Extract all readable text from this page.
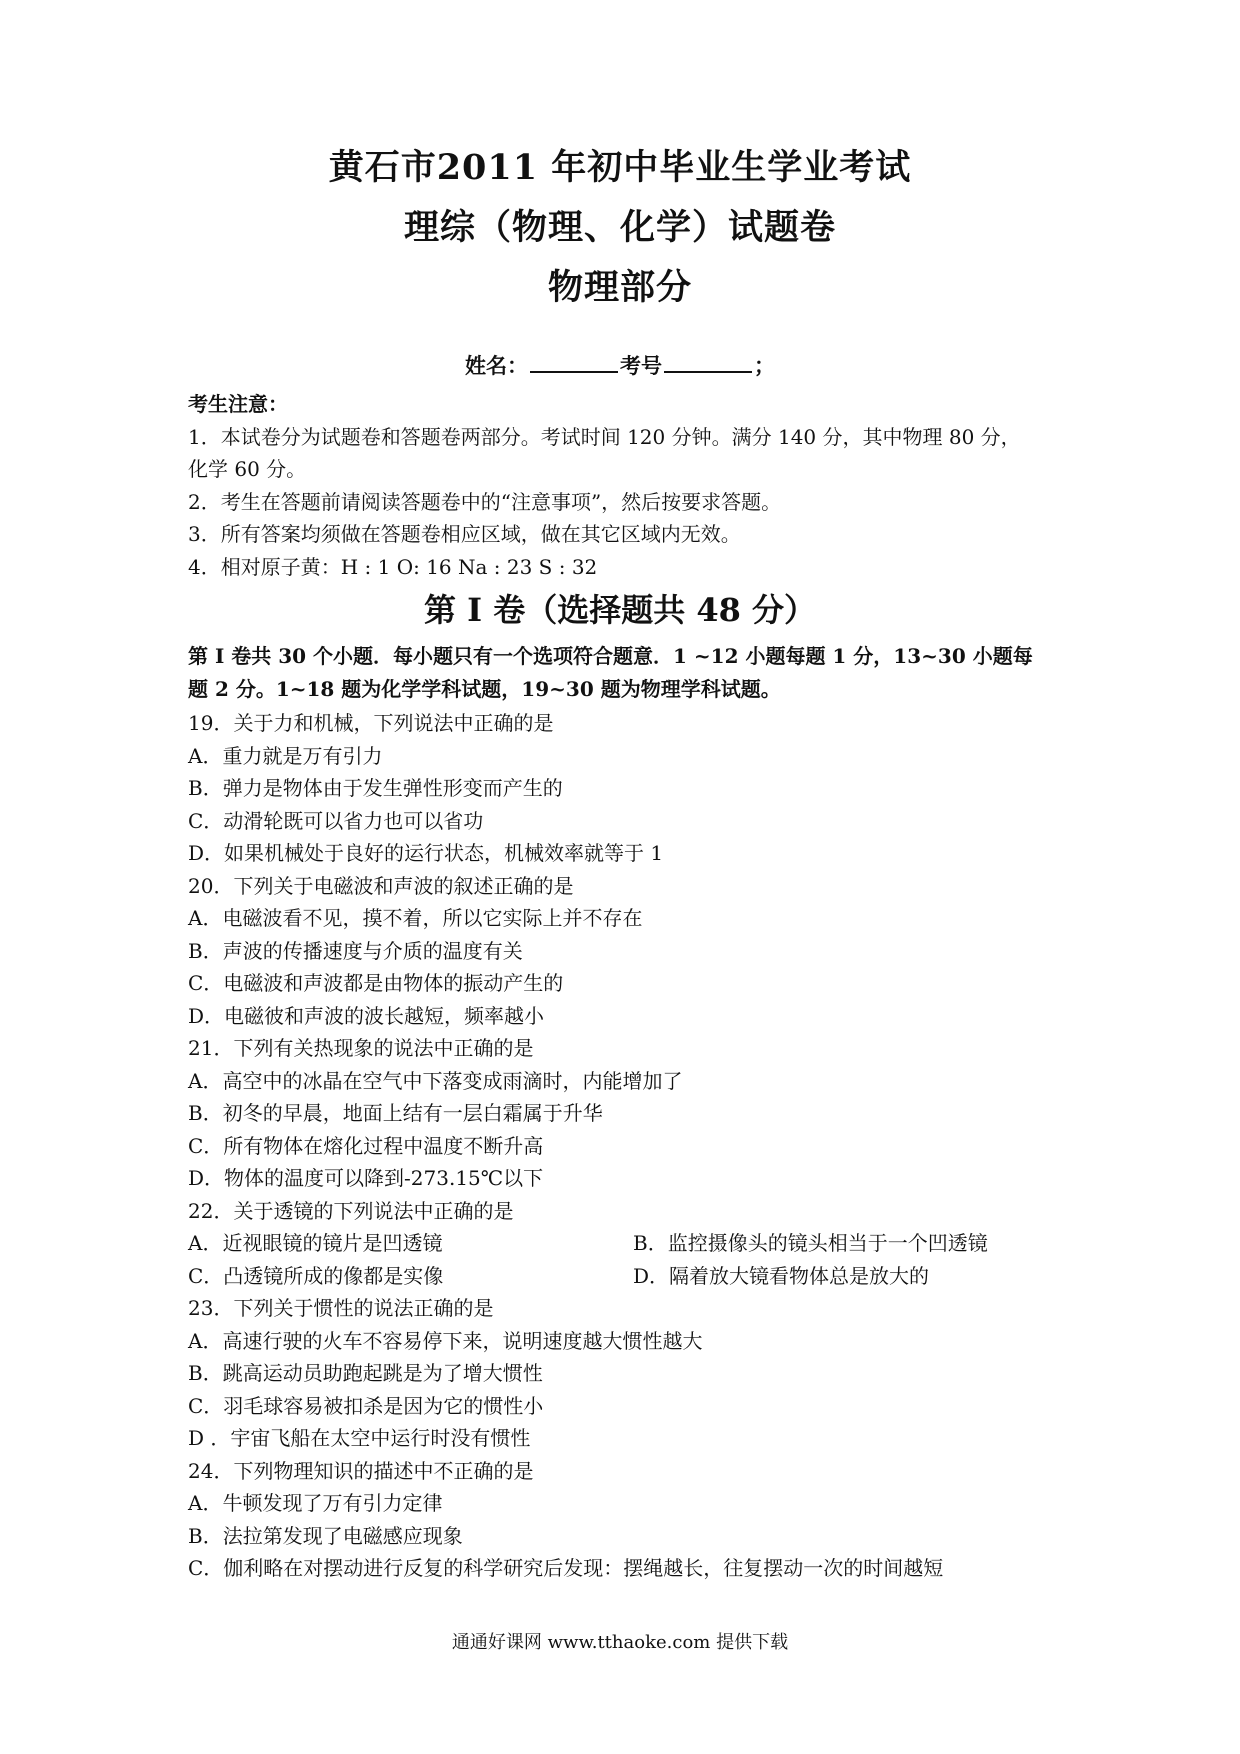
黄石市2011 年初中毕业生学业考试
理综（物理、化学）试题卷
物理部分
姓名：	考号	；
考生注意：
1．本试卷分为试题卷和答题卷两部分。考试时间 120 分钟。满分 140 分，其中物理 80 分，
化学 60 分。
2．考生在答题前请阅读答题卷中的“注意事项”，然后按要求答题。
3．所有答案均须做在答题卷相应区域，做在其它区域内无效。
4．相对原子黄：H : 1 O: 16 Na : 23 S : 32
第 I 卷（选择题共 48 分）
第 I 卷共 30 个小题．每小题只有一个选项符合题意．1 ~12 小题每题 1 分，13~30 小题每
题 2 分。1~18 题为化学学科试题，19~30 题为物理学科试题。
19．关于力和机械，下列说法中正确的是
A．重力就是万有引力
B．弹力是物体由于发生弹性形变而产生的
C．动滑轮既可以省力也可以省功
D．如果机械处于良好的运行状态，机械效率就等于 1
20．下列关于电磁波和声波的叙述正确的是
A．电磁波看不见，摸不着，所以它实际上并不存在
B．声波的传播速度与介质的温度有关
C．电磁波和声波都是由物体的振动产生的
D．电磁彼和声波的波长越短，频率越小
21．下列有关热现象的说法中正确的是
A．高空中的冰晶在空气中下落变成雨滴时，内能增加了
B．初冬的早晨，地面上结有一层白霜属于升华
C．所有物体在熔化过程中温度不断升高
D．物体的温度可以降到-273.15℃以下
22．关于透镜的下列说法中正确的是
A．近视眼镜的镜片是凹透镜	B．监控摄像头的镜头相当于一个凹透镜
C．凸透镜所成的像都是实像	D．隔着放大镜看物体总是放大的
23．下列关于惯性的说法正确的是
A．高速行驶的火车不容易停下来，说明速度越大惯性越大
B．跳高运动员助跑起跳是为了增大惯性
C．羽毛球容易被扣杀是因为它的惯性小
D ．宇宙飞船在太空中运行时没有惯性
24．下列物理知识的描述中不正确的是
A．牛顿发现了万有引力定律
B．法拉第发现了电磁感应现象
C．伽利略在对摆动进行反复的科学研究后发现：摆绳越长，往复摆动一次的时间越短
通通好课网 www.tthaoke.com 提供下载
